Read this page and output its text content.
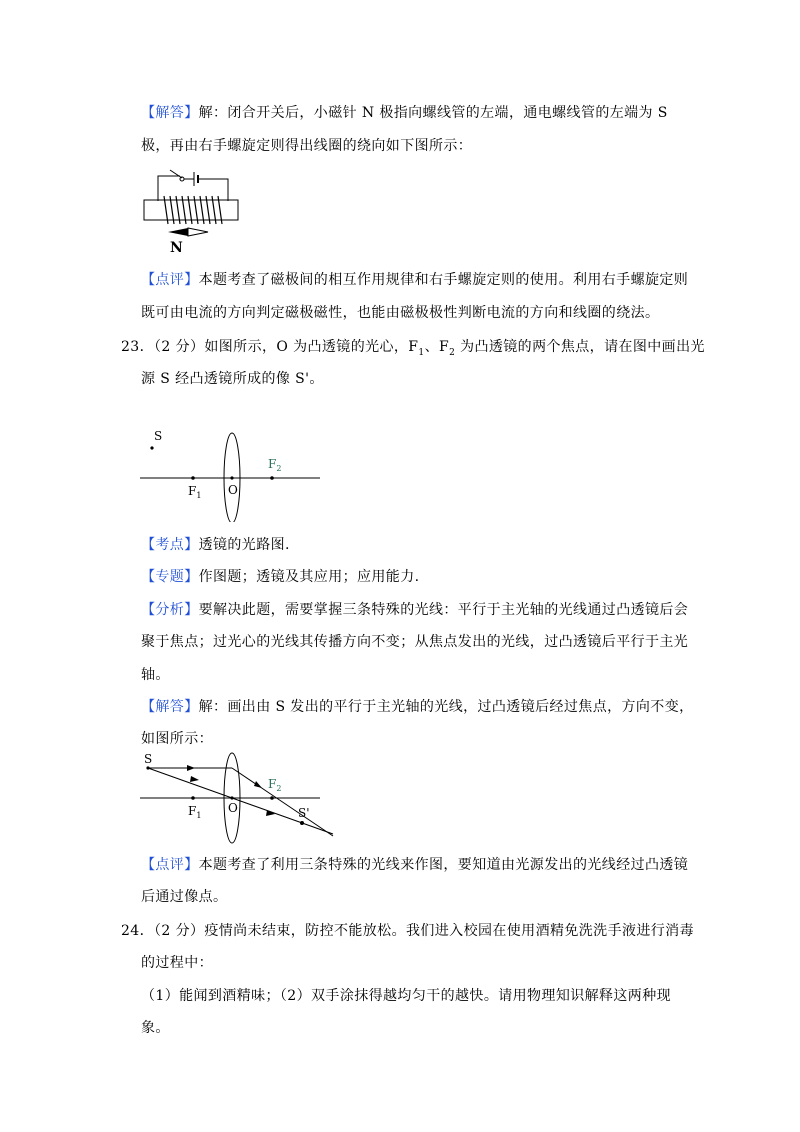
【解答】解：闭合开关后，小磁针 N 极指向螺线管的左端，通电螺线管的左端为 S
极，再由右手螺旋定则得出线圈的绕向如下图所示：
N
【点评】本题考查了磁极间的相互作用规律和右手螺旋定则的使用。利用右手螺旋定则
既可由电流的方向判定磁极磁性，也能由磁极极性判断电流的方向和线圈的绕法。
23．（2 分）如图所示，O 为凸透镜的光心，$F_1$、$F_2$ 为凸透镜的两个焦点，请在图中画出光
源 S 经凸透镜所成的像 S'。
S
$F_1$ O
$F_2$
【考点】透镜的光路图.
【专题】作图题；透镜及其应用；应用能力.
【分析】要解决此题，需要掌握三条特殊的光线：平行于主光轴的光线通过凸透镜后会
聚于焦点；过光心的光线其传播方向不变；从焦点发出的光线，过凸透镜后平行于主光
轴。
【解答】解：画出由 S 发出的平行于主光轴的光线，过凸透镜后经过焦点，方向不变，
如图所示：
S
$F_1$
O
$F_2$
S'
【点评】本题考查了利用三条特殊的光线来作图，要知道由光源发出的光线经过凸透镜
后通过像点。
24．（2 分）疫情尚未结束，防控不能放松。我们进入校园在使用酒精免洗洗手液进行消毒
的过程中：
（1）能闻到酒精味；（2）双手涂抹得越均匀干的越快。请用物理知识解释这两种现
象。
